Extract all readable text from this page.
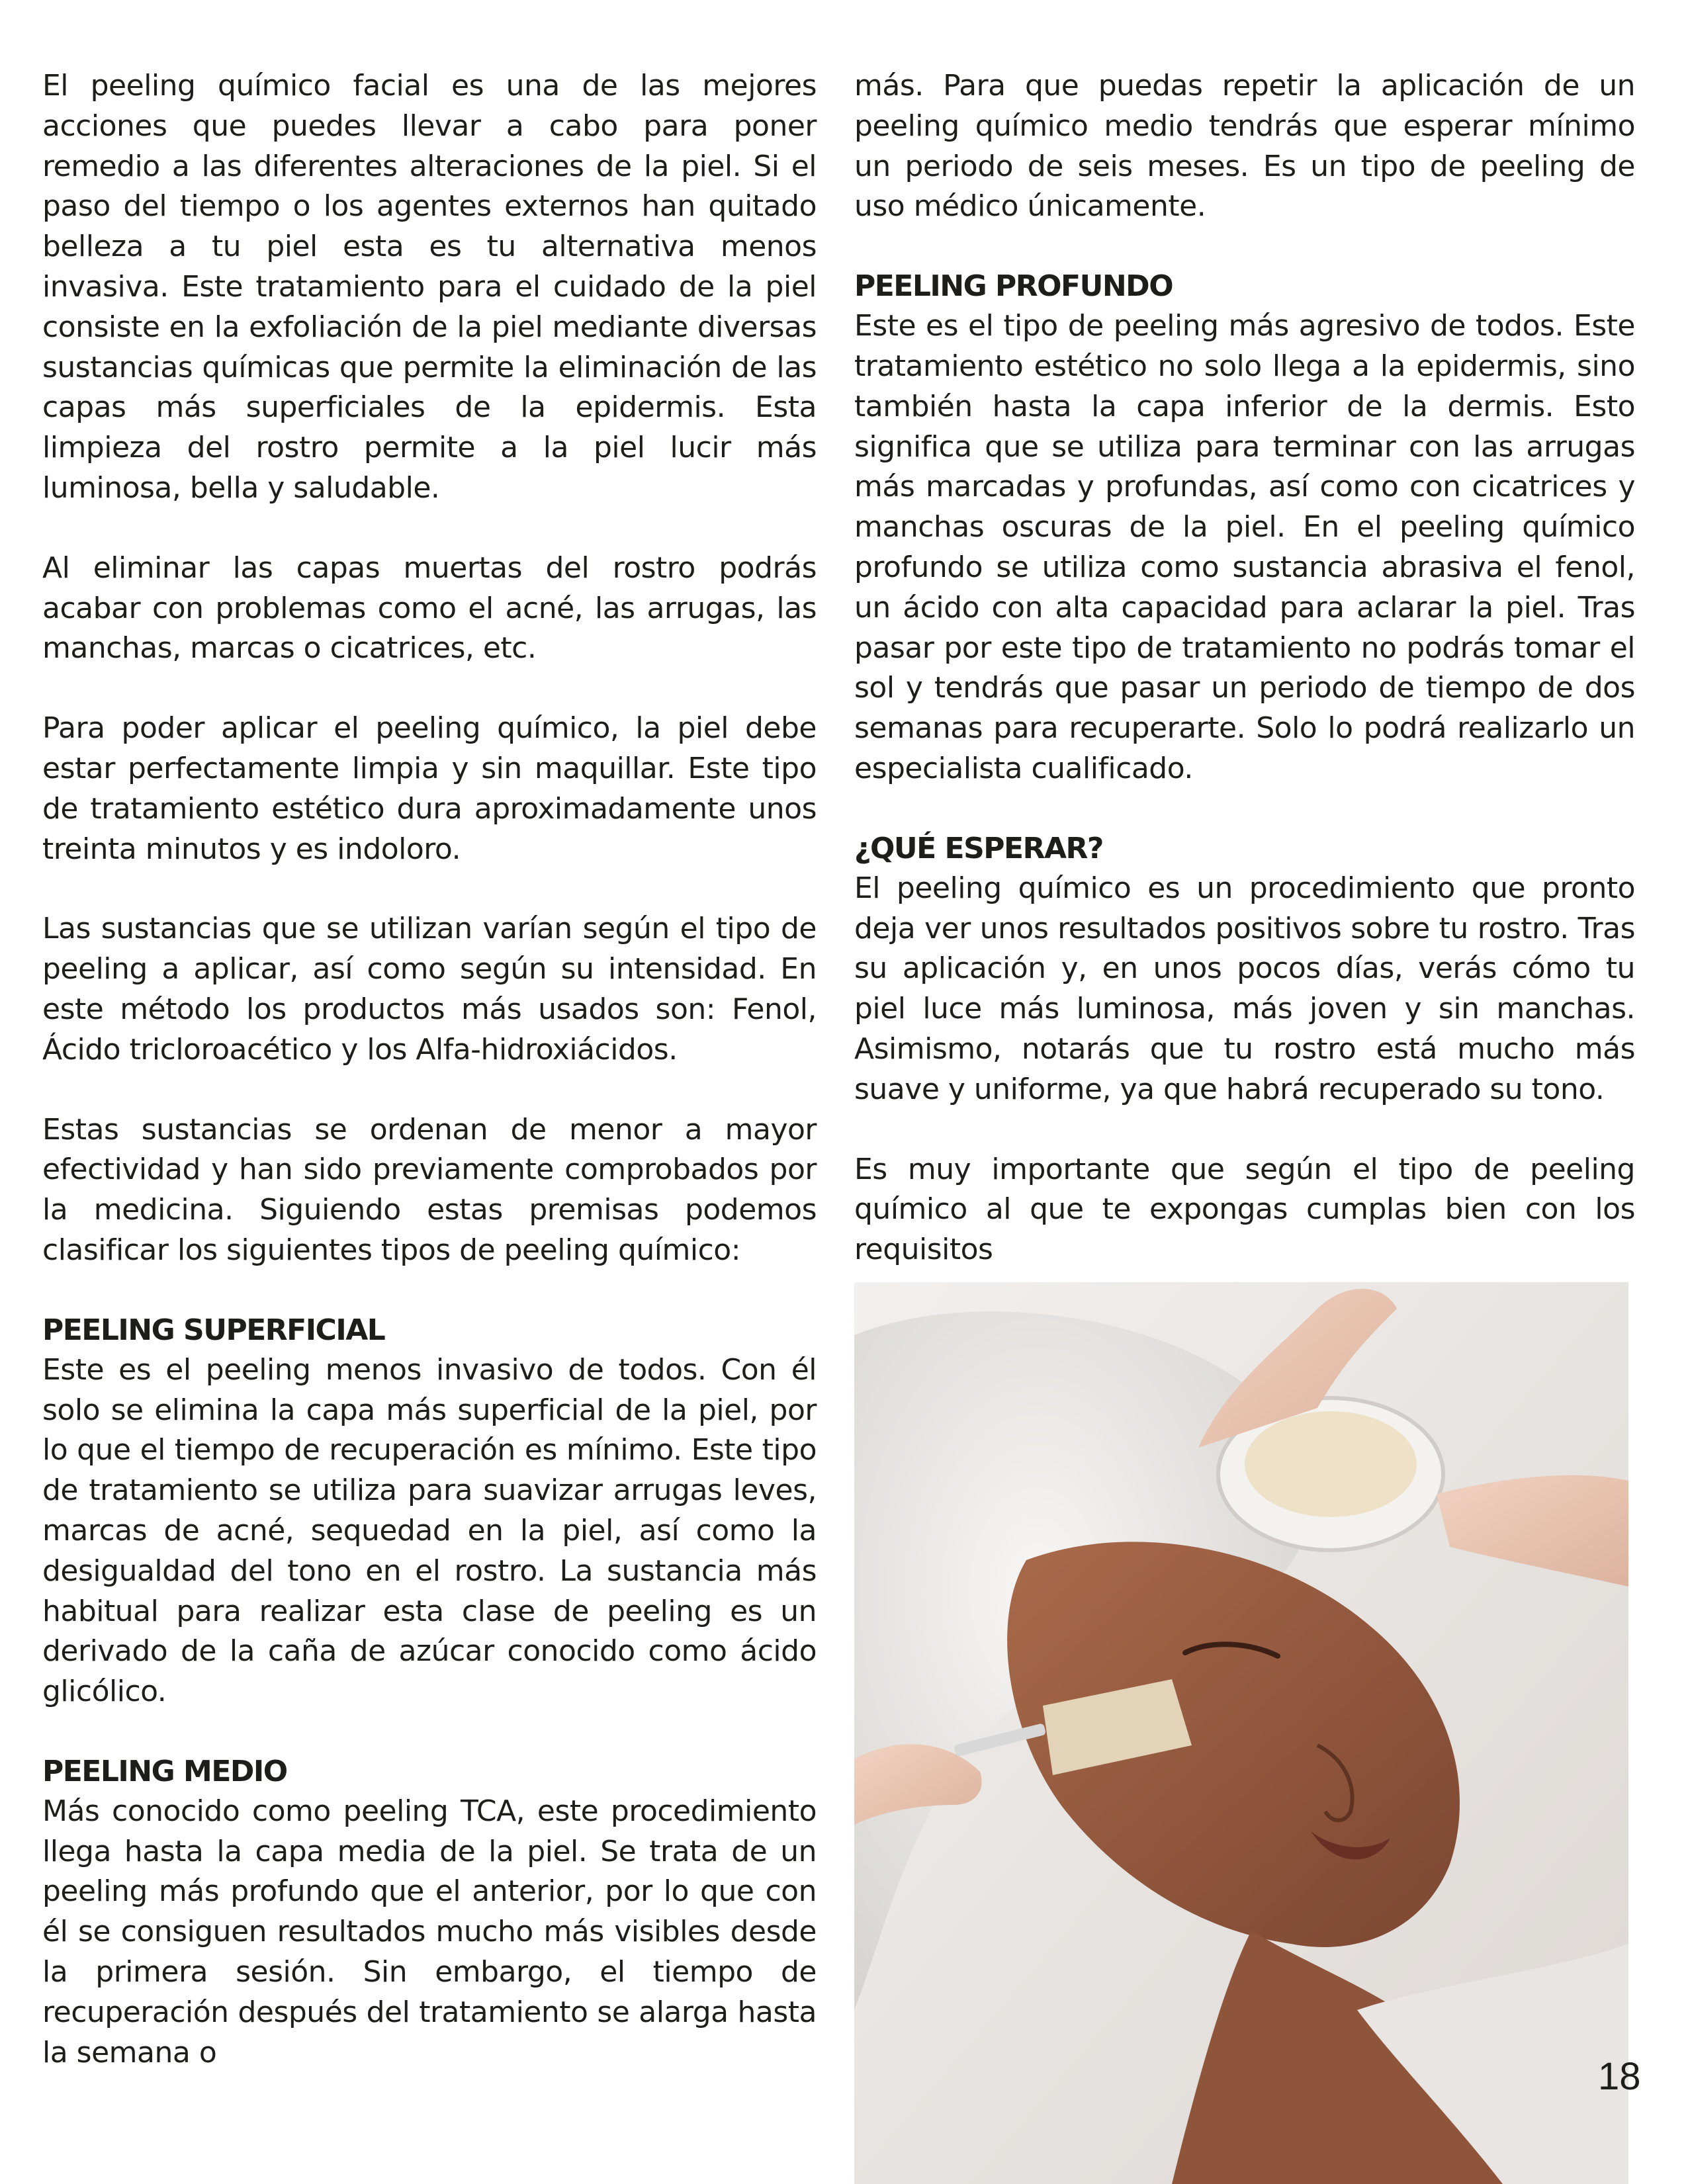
El peeling químico facial es una de las mejores acciones que puedes llevar a cabo para poner remedio a las diferentes alteraciones de la piel. Si el paso del tiempo o los agentes externos han quitado belleza a tu piel esta es tu alternativa menos invasiva. Este tratamiento para el cuidado de la piel consiste en la exfoliación de la piel mediante diversas sustancias químicas que permite la eliminación de las capas más superficiales de la epidermis. Esta limpieza del rostro permite a la piel lucir más luminosa, bella y saludable.

Al eliminar las capas muertas del rostro podrás acabar con problemas como el acné, las arrugas, las manchas, marcas o cicatrices, etc.

Para poder aplicar el peeling químico, la piel debe estar perfectamente limpia y sin maquillar. Este tipo de tratamiento estético dura aproximadamente unos treinta minutos y es indoloro.

Las sustancias que se utilizan varían según el tipo de peeling a aplicar, así como según su intensidad. En este método los productos más usados son: Fenol, Ácido tricloroacético y los Alfa-hidroxiácidos.

Estas sustancias se ordenan de menor a mayor efectividad y han sido previamente comprobados por la medicina. Siguiendo estas premisas podemos clasificar los siguientes tipos de peeling químico:

PEELING SUPERFICIAL

Este es el peeling menos invasivo de todos. Con él solo se elimina la capa más superficial de la piel, por lo que el tiempo de recuperación es mínimo. Este tipo de tratamiento se utiliza para suavizar arrugas leves, marcas de acné, sequedad en la piel, así como la desigualdad del tono en el rostro. La sustancia más habitual para realizar esta clase de peeling es un derivado de la caña de azúcar conocido como ácido glicólico.

PEELING MEDIO

Más conocido como peeling TCA, este procedimiento llega hasta la capa media de la piel. Se trata de un peeling más profundo que el anterior, por lo que con él se consiguen resultados mucho más visibles desde la primera sesión. Sin embargo, el tiempo de recuperación después del tratamiento se alarga hasta la semana o

más. Para que puedas repetir la aplicación de un peeling químico medio tendrás que esperar mínimo un periodo de seis meses. Es un tipo de peeling de uso médico únicamente.

PEELING PROFUNDO

Este es el tipo de peeling más agresivo de todos. Este tratamiento estético no solo llega a la epidermis, sino también hasta la capa inferior de la dermis. Esto significa que se utiliza para terminar con las arrugas más marcadas y profundas, así como con cicatrices y manchas oscuras de la piel. En el peeling químico profundo se utiliza como sustancia abrasiva el fenol, un ácido con alta capacidad para aclarar la piel. Tras pasar por este tipo de tratamiento no podrás tomar el sol y tendrás que pasar un periodo de tiempo de dos semanas para recuperarte. Solo lo podrá realizarlo un especialista cualificado.

¿QUÉ ESPERAR?

El peeling químico es un procedimiento que pronto deja ver unos resultados positivos sobre tu rostro. Tras su aplicación y, en unos pocos días, verás cómo tu piel luce más luminosa, más joven y sin manchas. Asimismo, notarás que tu rostro está mucho más suave y uniforme, ya que habrá recuperado su tono.

Es muy importante que según el tipo de peeling químico al que te expongas cumplas bien con los requisitos

18
